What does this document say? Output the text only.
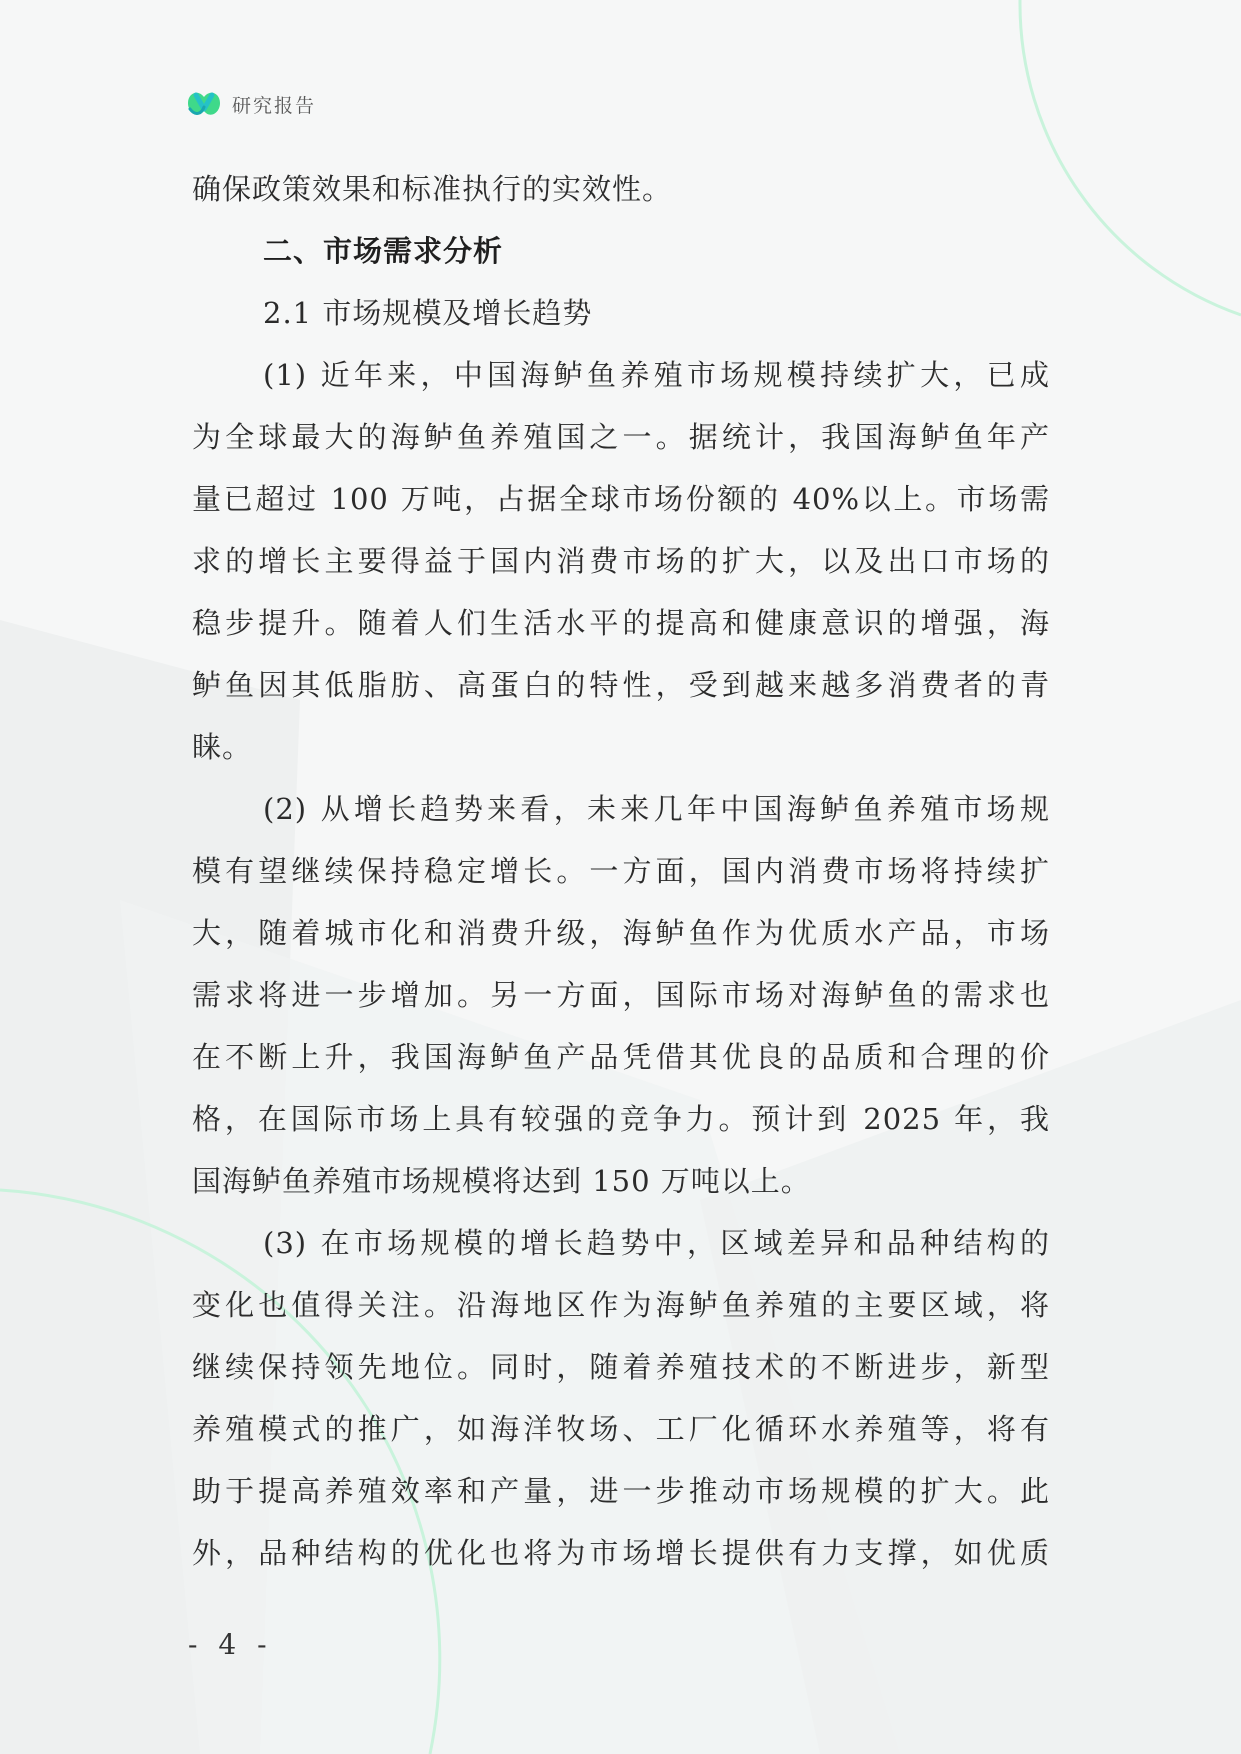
研究报告
确保政策效果和标准执行的实效性。
二、市场需求分析
2.1 市场规模及增长趋势
(1) 近年来，中国海鲈鱼养殖市场规模持续扩大，已成
为全球最大的海鲈鱼养殖国之一。据统计，我国海鲈鱼年产
量已超过 100 万吨，占据全球市场份额的 40%以上。市场需
求的增长主要得益于国内消费市场的扩大，以及出口市场的
稳步提升。随着人们生活水平的提高和健康意识的增强，海
鲈鱼因其低脂肪、高蛋白的特性，受到越来越多消费者的青
睐。
(2) 从增长趋势来看，未来几年中国海鲈鱼养殖市场规
模有望继续保持稳定增长。一方面，国内消费市场将持续扩
大，随着城市化和消费升级，海鲈鱼作为优质水产品，市场
需求将进一步增加。另一方面，国际市场对海鲈鱼的需求也
在不断上升，我国海鲈鱼产品凭借其优良的品质和合理的价
格，在国际市场上具有较强的竞争力。预计到 2025 年，我
国海鲈鱼养殖市场规模将达到 150 万吨以上。
(3) 在市场规模的增长趋势中，区域差异和品种结构的
变化也值得关注。沿海地区作为海鲈鱼养殖的主要区域，将
继续保持领先地位。同时，随着养殖技术的不断进步，新型
养殖模式的推广，如海洋牧场、工厂化循环水养殖等，将有
助于提高养殖效率和产量，进一步推动市场规模的扩大。此
外，品种结构的优化也将为市场增长提供有力支撑，如优质
- 4 -
